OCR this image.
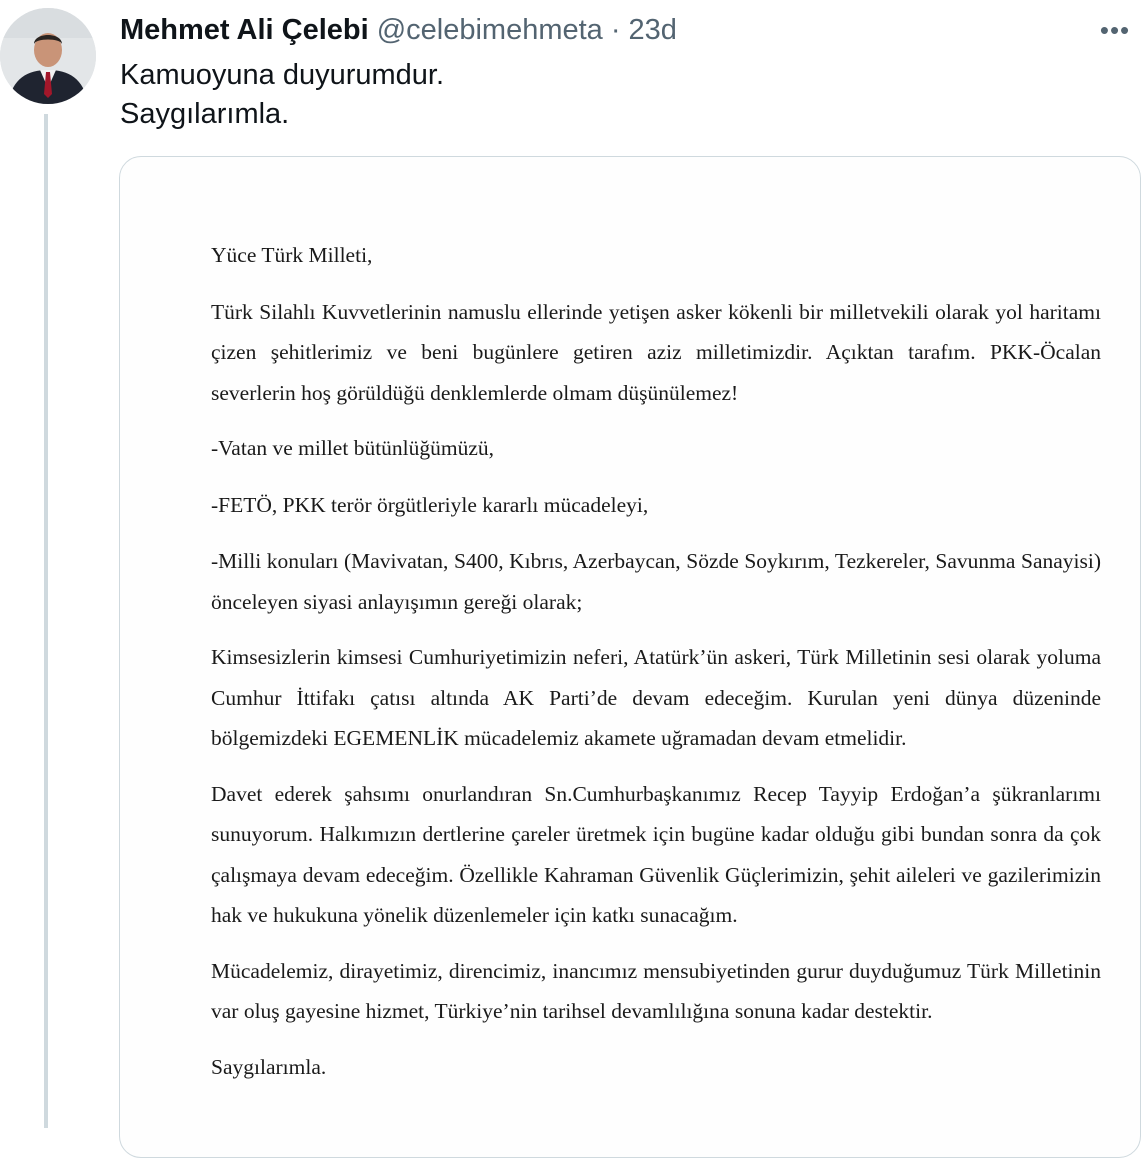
Mehmet Ali Çelebi @celebimehmeta · 23d	•••
Kamuoyuna duyurumdur.
Saygılarımla.

Yüce Türk Milleti,

Türk Silahlı Kuvvetlerinin namuslu ellerinde yetişen asker kökenli bir milletvekili olarak yol haritamı çizen şehitlerimiz ve beni bugünlere getiren aziz milletimizdir. Açıktan tarafım. PKK-Öcalan severlerin hoş görüldüğü denklemlerde olmam düşünülemez!

-Vatan ve millet bütünlüğümüzü,

-FETÖ, PKK terör örgütleriyle kararlı mücadeleyi,

-Milli konuları (Mavivatan, S400, Kıbrıs, Azerbaycan, Sözde Soykırım, Tezkereler, Savunma Sanayisi) önceleyen siyasi anlayışımın gereği olarak;

Kimsesizlerin kimsesi Cumhuriyetimizin neferi, Atatürk’ün askeri, Türk Milletinin sesi olarak yoluma Cumhur İttifakı çatısı altında AK Parti’de devam edeceğim. Kurulan yeni dünya düzeninde bölgemizdeki EGEMENLİK mücadelemiz akamete uğramadan devam etmelidir.

Davet ederek şahsımı onurlandıran Sn.Cumhurbaşkanımız Recep Tayyip Erdoğan’a şükranlarımı sunuyorum. Halkımızın dertlerine çareler üretmek için bugüne kadar olduğu gibi bundan sonra da çok çalışmaya devam edeceğim. Özellikle Kahraman Güvenlik Güçlerimizin, şehit aileleri ve gazilerimizin hak ve hukukuna yönelik düzenlemeler için katkı sunacağım.

Mücadelemiz, dirayetimiz, direncimiz, inancımız mensubiyetinden gurur duyduğumuz Türk Milletinin var oluş gayesine hizmet, Türkiye’nin tarihsel devamlılığına sonuna kadar destektir.

Saygılarımla.
